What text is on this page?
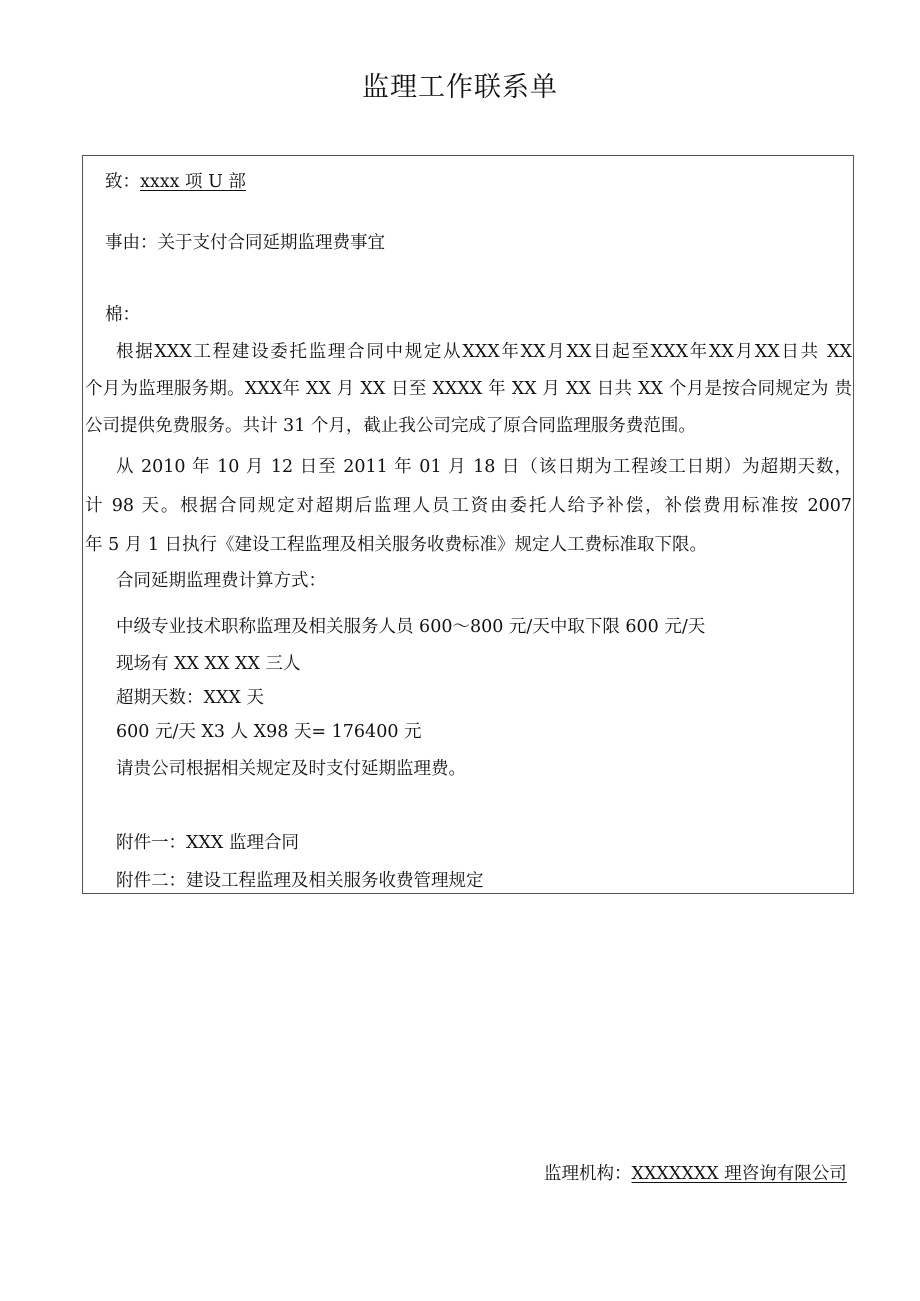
监理工作联系单
致：xxxx 项 U 部
事由：关于支付合同延期监理费事宜
棉：
根据XXX工程建设委托监理合同中规定从XXX年XX月XX日起至XXX年XX月XX日共 XX
个月为监理服务期。XXX年 XX 月 XX 日至 XXXX 年 XX 月 XX 日共 XX 个月是按合同规定为 贵
公司提供免费服务。共计 31 个月，截止我公司完成了原合同监理服务费范围。
从 2010 年 10 月 12 日至 2011 年 01 月 18 日（该日期为工程竣工日期）为超期天数，
计 98 天。根据合同规定对超期后监理人员工资由委托人给予补偿，补偿费用标准按 2007
年 5 月 1 日执行《建设工程监理及相关服务收费标准》规定人工费标准取下限。
合同延期监理费计算方式：
中级专业技术职称监理及相关服务人员 600～800 元/天中取下限 600 元/天
现场有 XX XX XX 三人
超期天数：XXX 天
600 元/天 X3 人 X98 天= 176400 元
请贵公司根据相关规定及时支付延期监理费。
附件一：XXX 监理合同
附件二：建设工程监理及相关服务收费管理规定
监理机构：XXXXXXX 理咨询有限公司
